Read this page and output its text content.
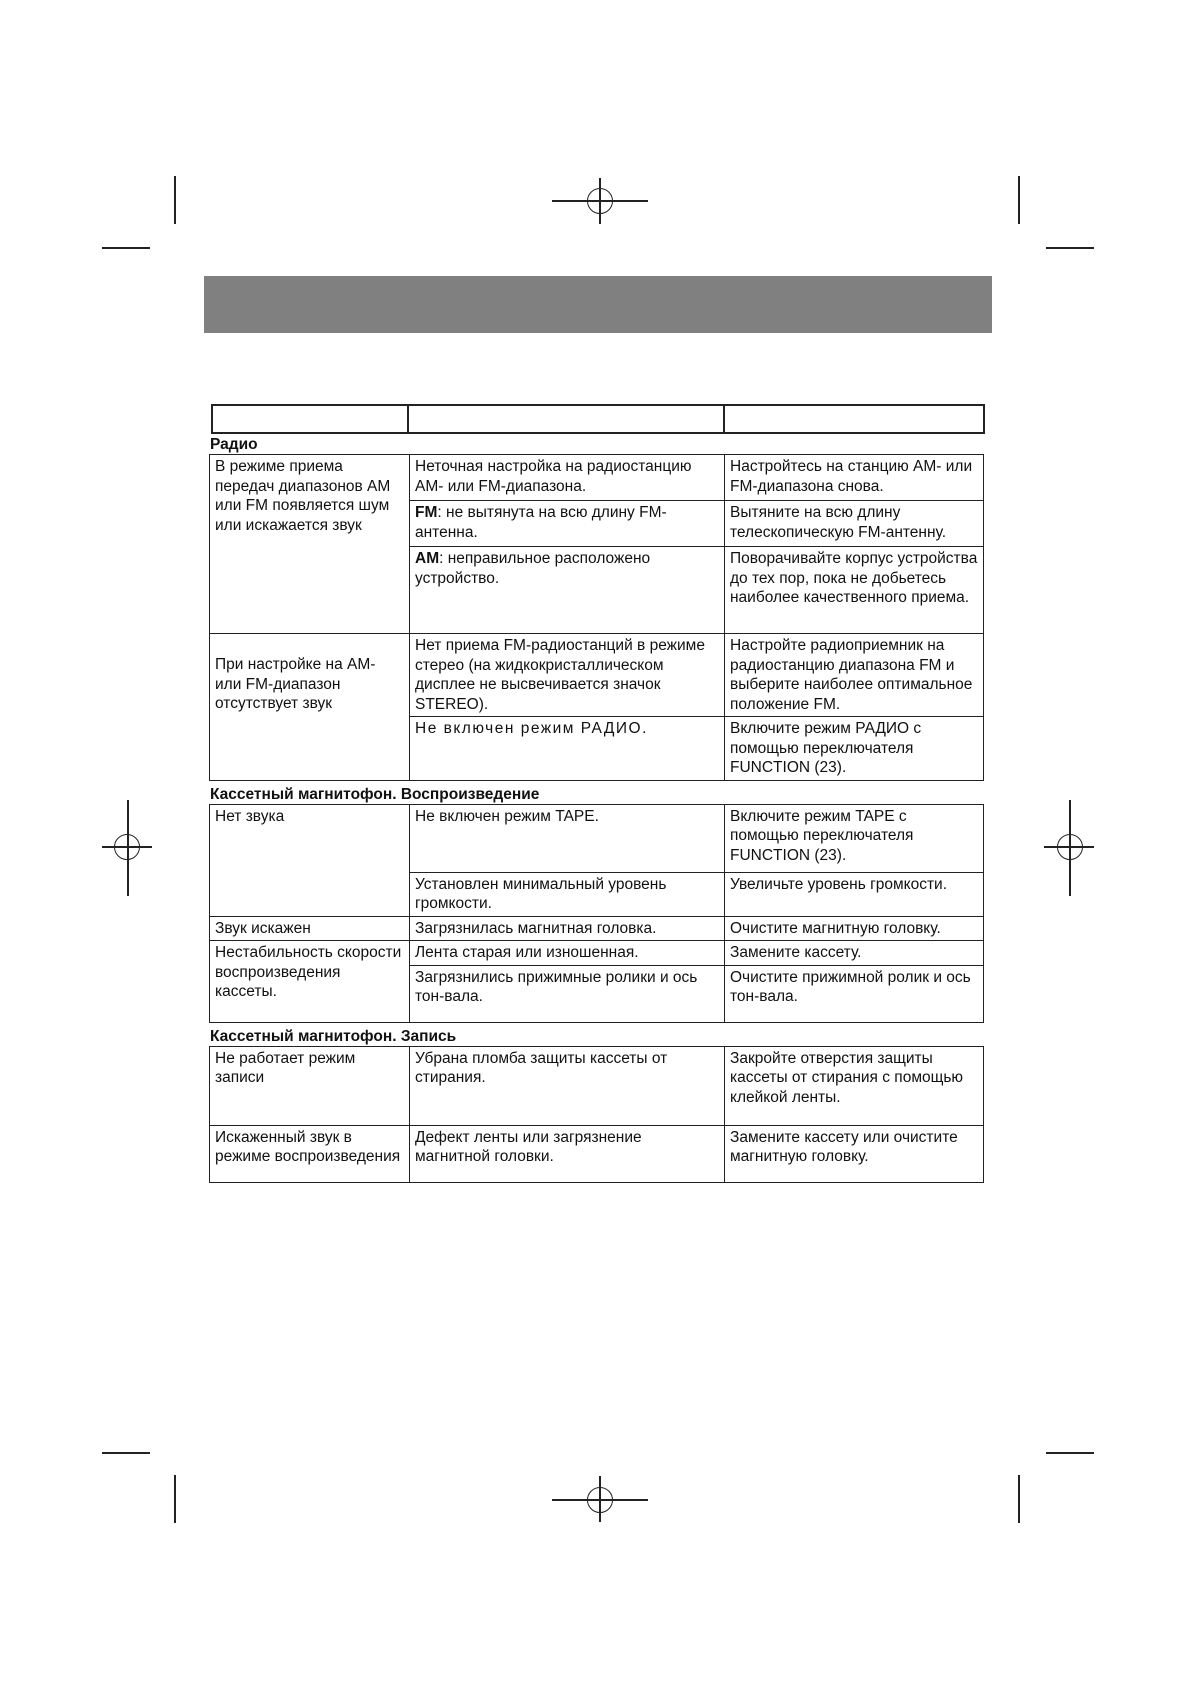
Радио
В режиме приема передач диапазонов AM или FM появляется шум или искажается звук	Неточная настройка на радиостанцию AM- или FM-диапазона.	Настройтесь на станцию AM- или FM-диапазона снова.
	FM: не вытянута на всю длину FM-антенна.	Вытяните на всю длину телескопическую FM-антенну.
	AM: неправильное расположено устройство.	Поворачивайте корпус устройства до тех пор, пока не добьетесь наиболее качественного приема.

При настройке на AM- или FM-диапазон отсутствует звук	Нет приема FM-радиостанций в режиме стерео (на жидкокристаллическом дисплее не высвечивается значок STEREO).	Настройте радиоприемник на радиостанцию диапазона FM и выберите наиболее оптимальное положение FM.
	Не включен режим РАДИО.	Включите режим РАДИО с помощью переключателя FUNCTION (23).
Кассетный магнитофон. Воспроизведение
Нет звука	Не включен режим TAPE.	Включите режим TAPE с помощью переключателя FUNCTION (23).
	Установлен минимальный уровень громкости.	Увеличьте уровень громкости.
Звук искажен	Загрязнилась магнитная головка.	Очистите магнитную головку.
Нестабильность скорости воспроизведения кассеты.	Лента старая или изношенная.	Замените кассету.
	Загрязнились прижимные ролики и ось тон-вала.	Очистите прижимной ролик и ось тон-вала.
Кассетный магнитофон. Запись
Не работает режим записи	Убрана пломба защиты кассеты от стирания.	Закройте отверстия защиты кассеты от стирания с помощью клейкой ленты.
Искаженный звук в режиме воспроизведения	Дефект ленты или загрязнение магнитной головки.	Замените кассету или очистите магнитную головку.
